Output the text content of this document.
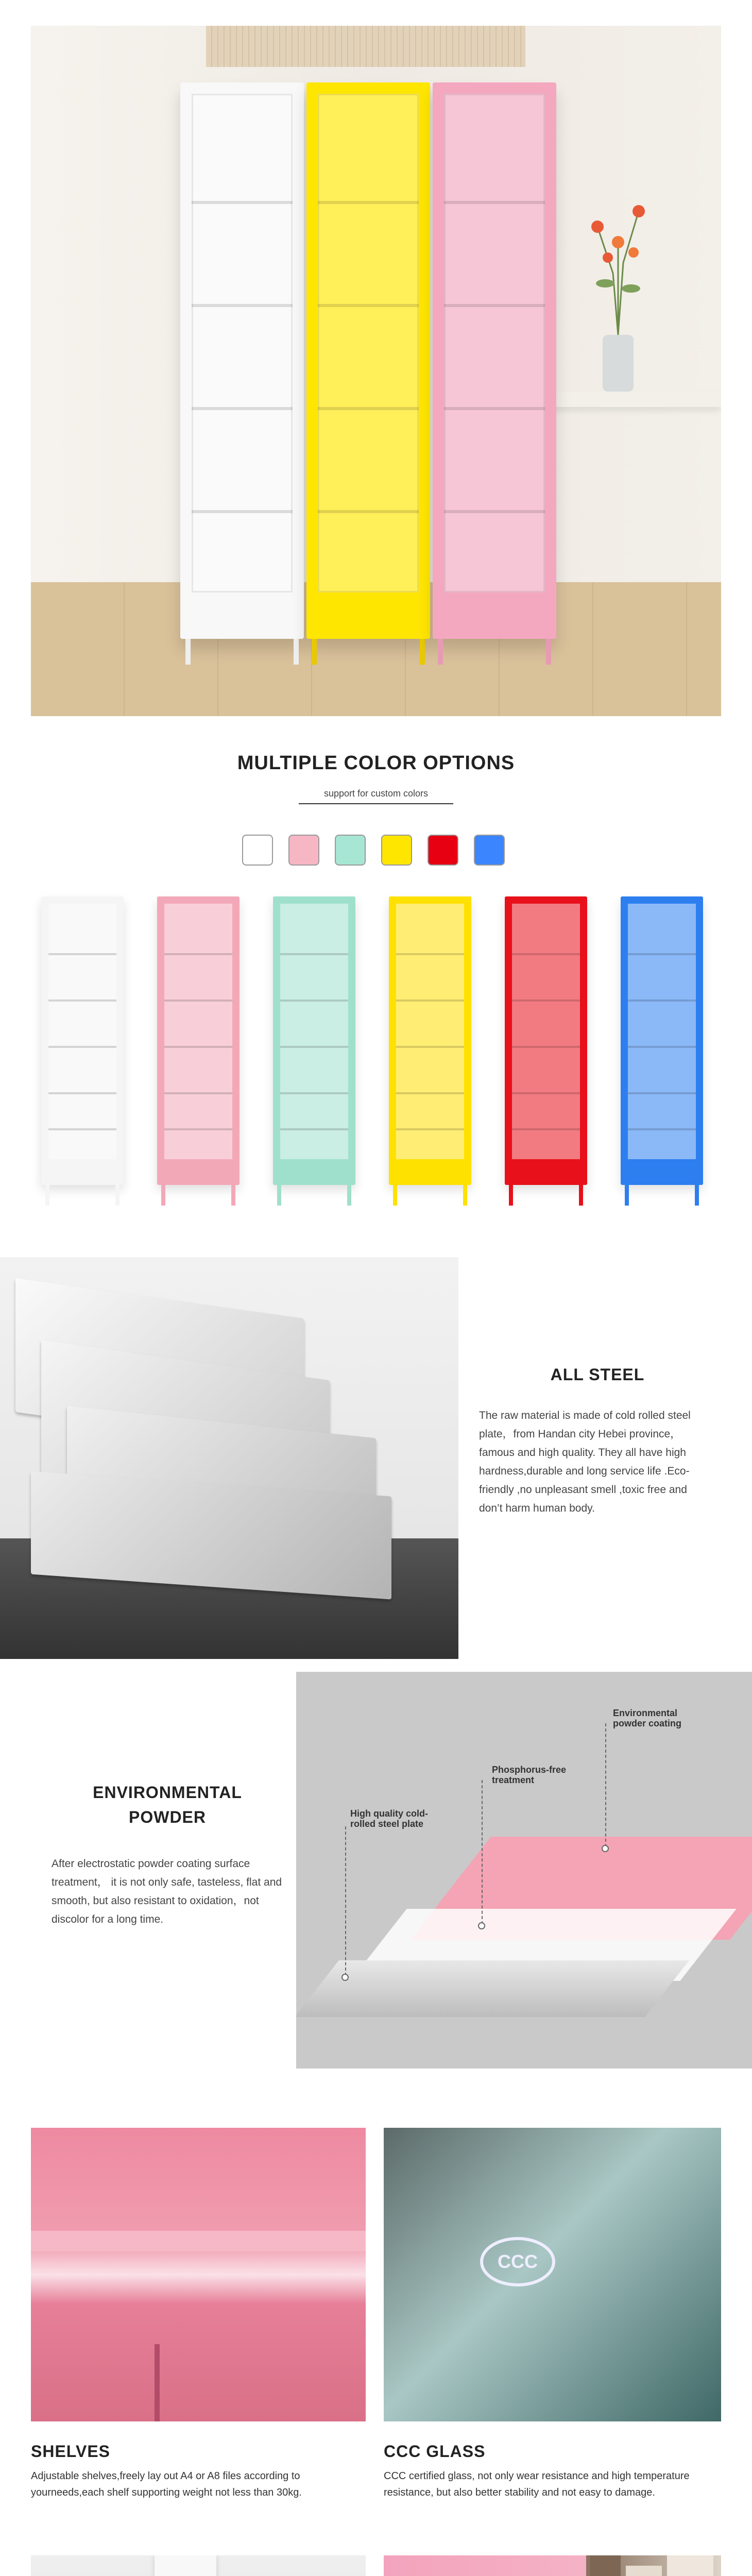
MULTIPLE COLOR OPTIONS
support for custom colors
ALL STEEL
The raw material is made of cold rolled steel plate，from Handan city Hebei province，famous and high quality. They all have high hardness,durable and long service life .Eco-friendly ,no unpleasant smell ,toxic free and don’t harm human body.
ENVIRONMENTAL
POWDER
After electrostatic powder coating surface treatment， it is not only safe, tasteless, flat and smooth, but also resistant to oxidation，not discolor for a long time.
Environmental powder coating
Phosphorus-free treatment
High quality cold-rolled steel plate
SHELVES
Adjustable shelves,freely lay out A4 or A8 files according to yourneeds,each shelf supporting weight not less than 30kg.
CCC
CCC GLASS
CCC certified glass, not only wear resistance and high temperature resistance, but also better stability and not easy to damage.
